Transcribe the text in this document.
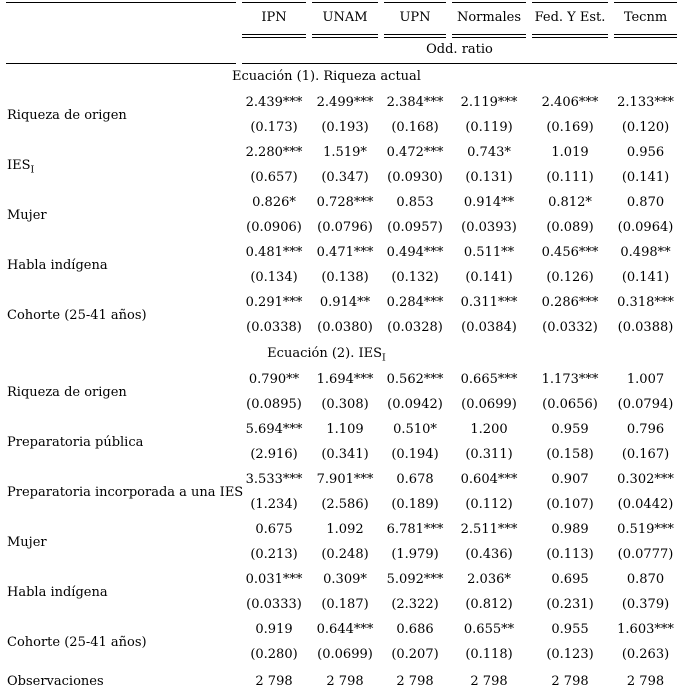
	IPN	UNAM	UPN	Normales	Fed. Y Est.	Tecnm
	Odd. ratio					
Ecuación (1). Riqueza actual						
Riqueza de origen	2.439***	2.499***	2.384***	2.119***	2.406***	2.133***
	(0.173)	(0.193)	(0.168)	(0.119)	(0.169)	(0.120)
$IES_I$	2.280***	1.519*	0.472***	0.743*	1.019	0.956
	(0.657)	(0.347)	(0.0930)	(0.131)	(0.111)	(0.141)
Mujer	0.826*	0.728***	0.853	0.914**	0.812*	0.870
	(0.0906)	(0.0796)	(0.0957)	(0.0393)	(0.089)	(0.0964)
Habla indígena	0.481***	0.471***	0.494***	0.511**	0.456***	0.498**
	(0.134)	(0.138)	(0.132)	(0.141)	(0.126)	(0.141)
Cohorte (25-41 años)	0.291***	0.914**	0.284***	0.311***	0.286***	0.318***
	(0.0338)	(0.0380)	(0.0328)	(0.0384)	(0.0332)	(0.0388)
Ecuación (2). $IES_I$
Riqueza de origen	0.790**	1.694***	0.562***	0.665***	1.173***	1.007
	(0.0895)	(0.308)	(0.0942)	(0.0699)	(0.0656)	(0.0794)
Preparatoria pública	5.694***	1.109	0.510*	1.200	0.959	0.796
	(2.916)	(0.341)	(0.194)	(0.311)	(0.158)	(0.167)
Preparatoria incorporada a una IES	3.533***	7.901***	0.678	0.604***	0.907	0.302***
	(1.234)	(2.586)	(0.189)	(0.112)	(0.107)	(0.0442)
Mujer	0.675	1.092	6.781***	2.511***	0.989	0.519***
	(0.213)	(0.248)	(1.979)	(0.436)	(0.113)	(0.0777)
Habla indígena	0.031***	0.309*	5.092***	2.036*	0.695	0.870
	(0.0333)	(0.187)	(2.322)	(0.812)	(0.231)	(0.379)
Cohorte (25-41 años)	0.919	0.644***	0.686	0.655**	0.955	1.603***
	(0.280)	(0.0699)	(0.207)	(0.118)	(0.123)	(0.263)
Observaciones	2 798	2 798	2 798	2 798	2 798	2 798
